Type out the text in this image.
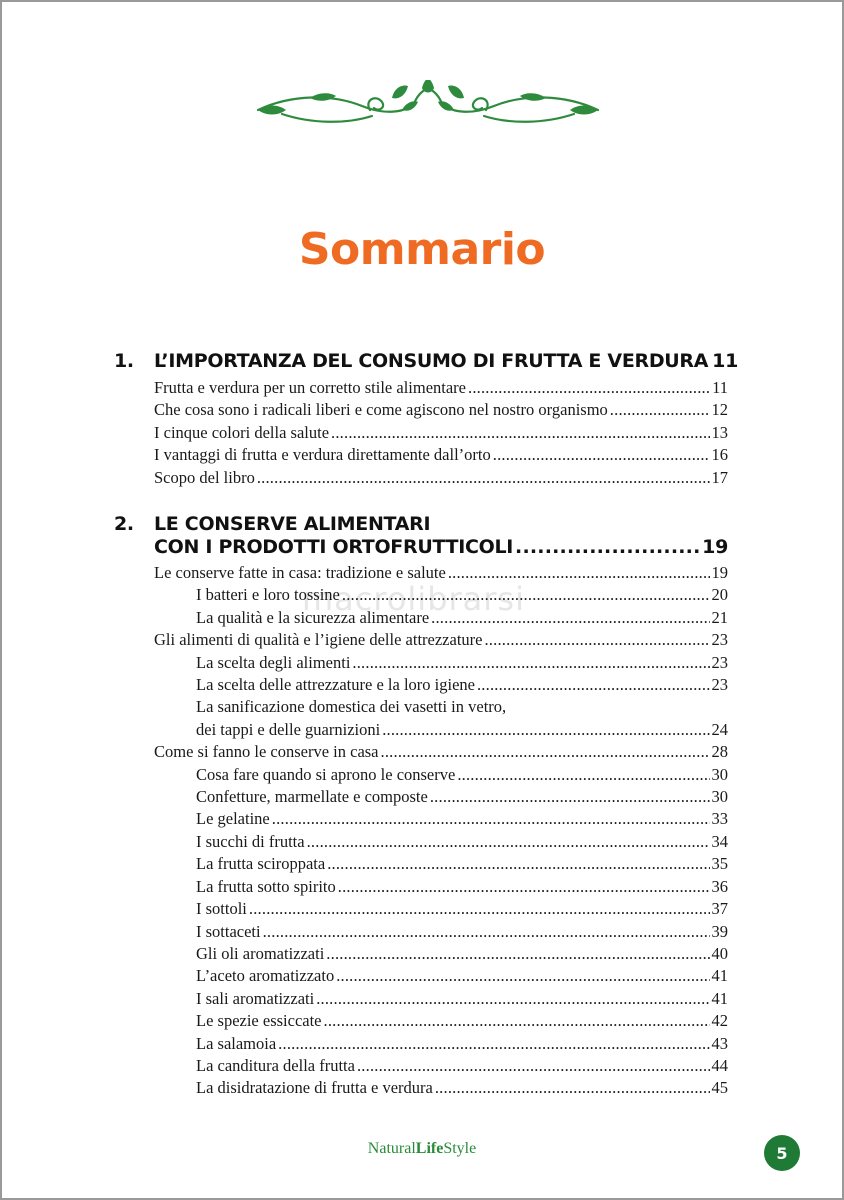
Sommario
macrolibrarsi
1. L’IMPORTANZA DEL CONSUMO DI FRUTTA E VERDURA 11
Frutta e verdura per un corretto stile alimentare .....	11
Che cosa sono i radicali liberi e come agiscono nel nostro organismo .....	12
I cinque colori della salute .....	13
I vantaggi di frutta e verdura direttamente dall’orto .....	16
Scopo del libro .....	17
2. LE CONSERVE ALIMENTARI
CON I PRODOTTI ORTOFRUTTICOLI .....	19
Le conserve fatte in casa: tradizione e salute .....	19
I batteri e loro tossine .....	20
La qualità e la sicurezza alimentare .....	21
Gli alimenti di qualità e l’igiene delle attrezzature .....	23
La scelta degli alimenti .....	23
La scelta delle attrezzature e la loro igiene .....	23
La sanificazione domestica dei vasetti in vetro,
dei tappi e delle guarnizioni .....	24
Come si fanno le conserve in casa .....	28
Cosa fare quando si aprono le conserve .....	30
Confetture, marmellate e composte .....	30
Le gelatine .....	33
I succhi di frutta .....	34
La frutta sciroppata .....	35
La frutta sotto spirito .....	36
I sottoli .....	37
I sottaceti .....	39
Gli oli aromatizzati .....	40
L’aceto aromatizzato .....	41
I sali aromatizzati .....	41
Le spezie essiccate .....	42
La salamoia .....	43
La canditura della frutta .....	44
La disidratazione di frutta e verdura .....	45
NaturalLifeStyle	5
